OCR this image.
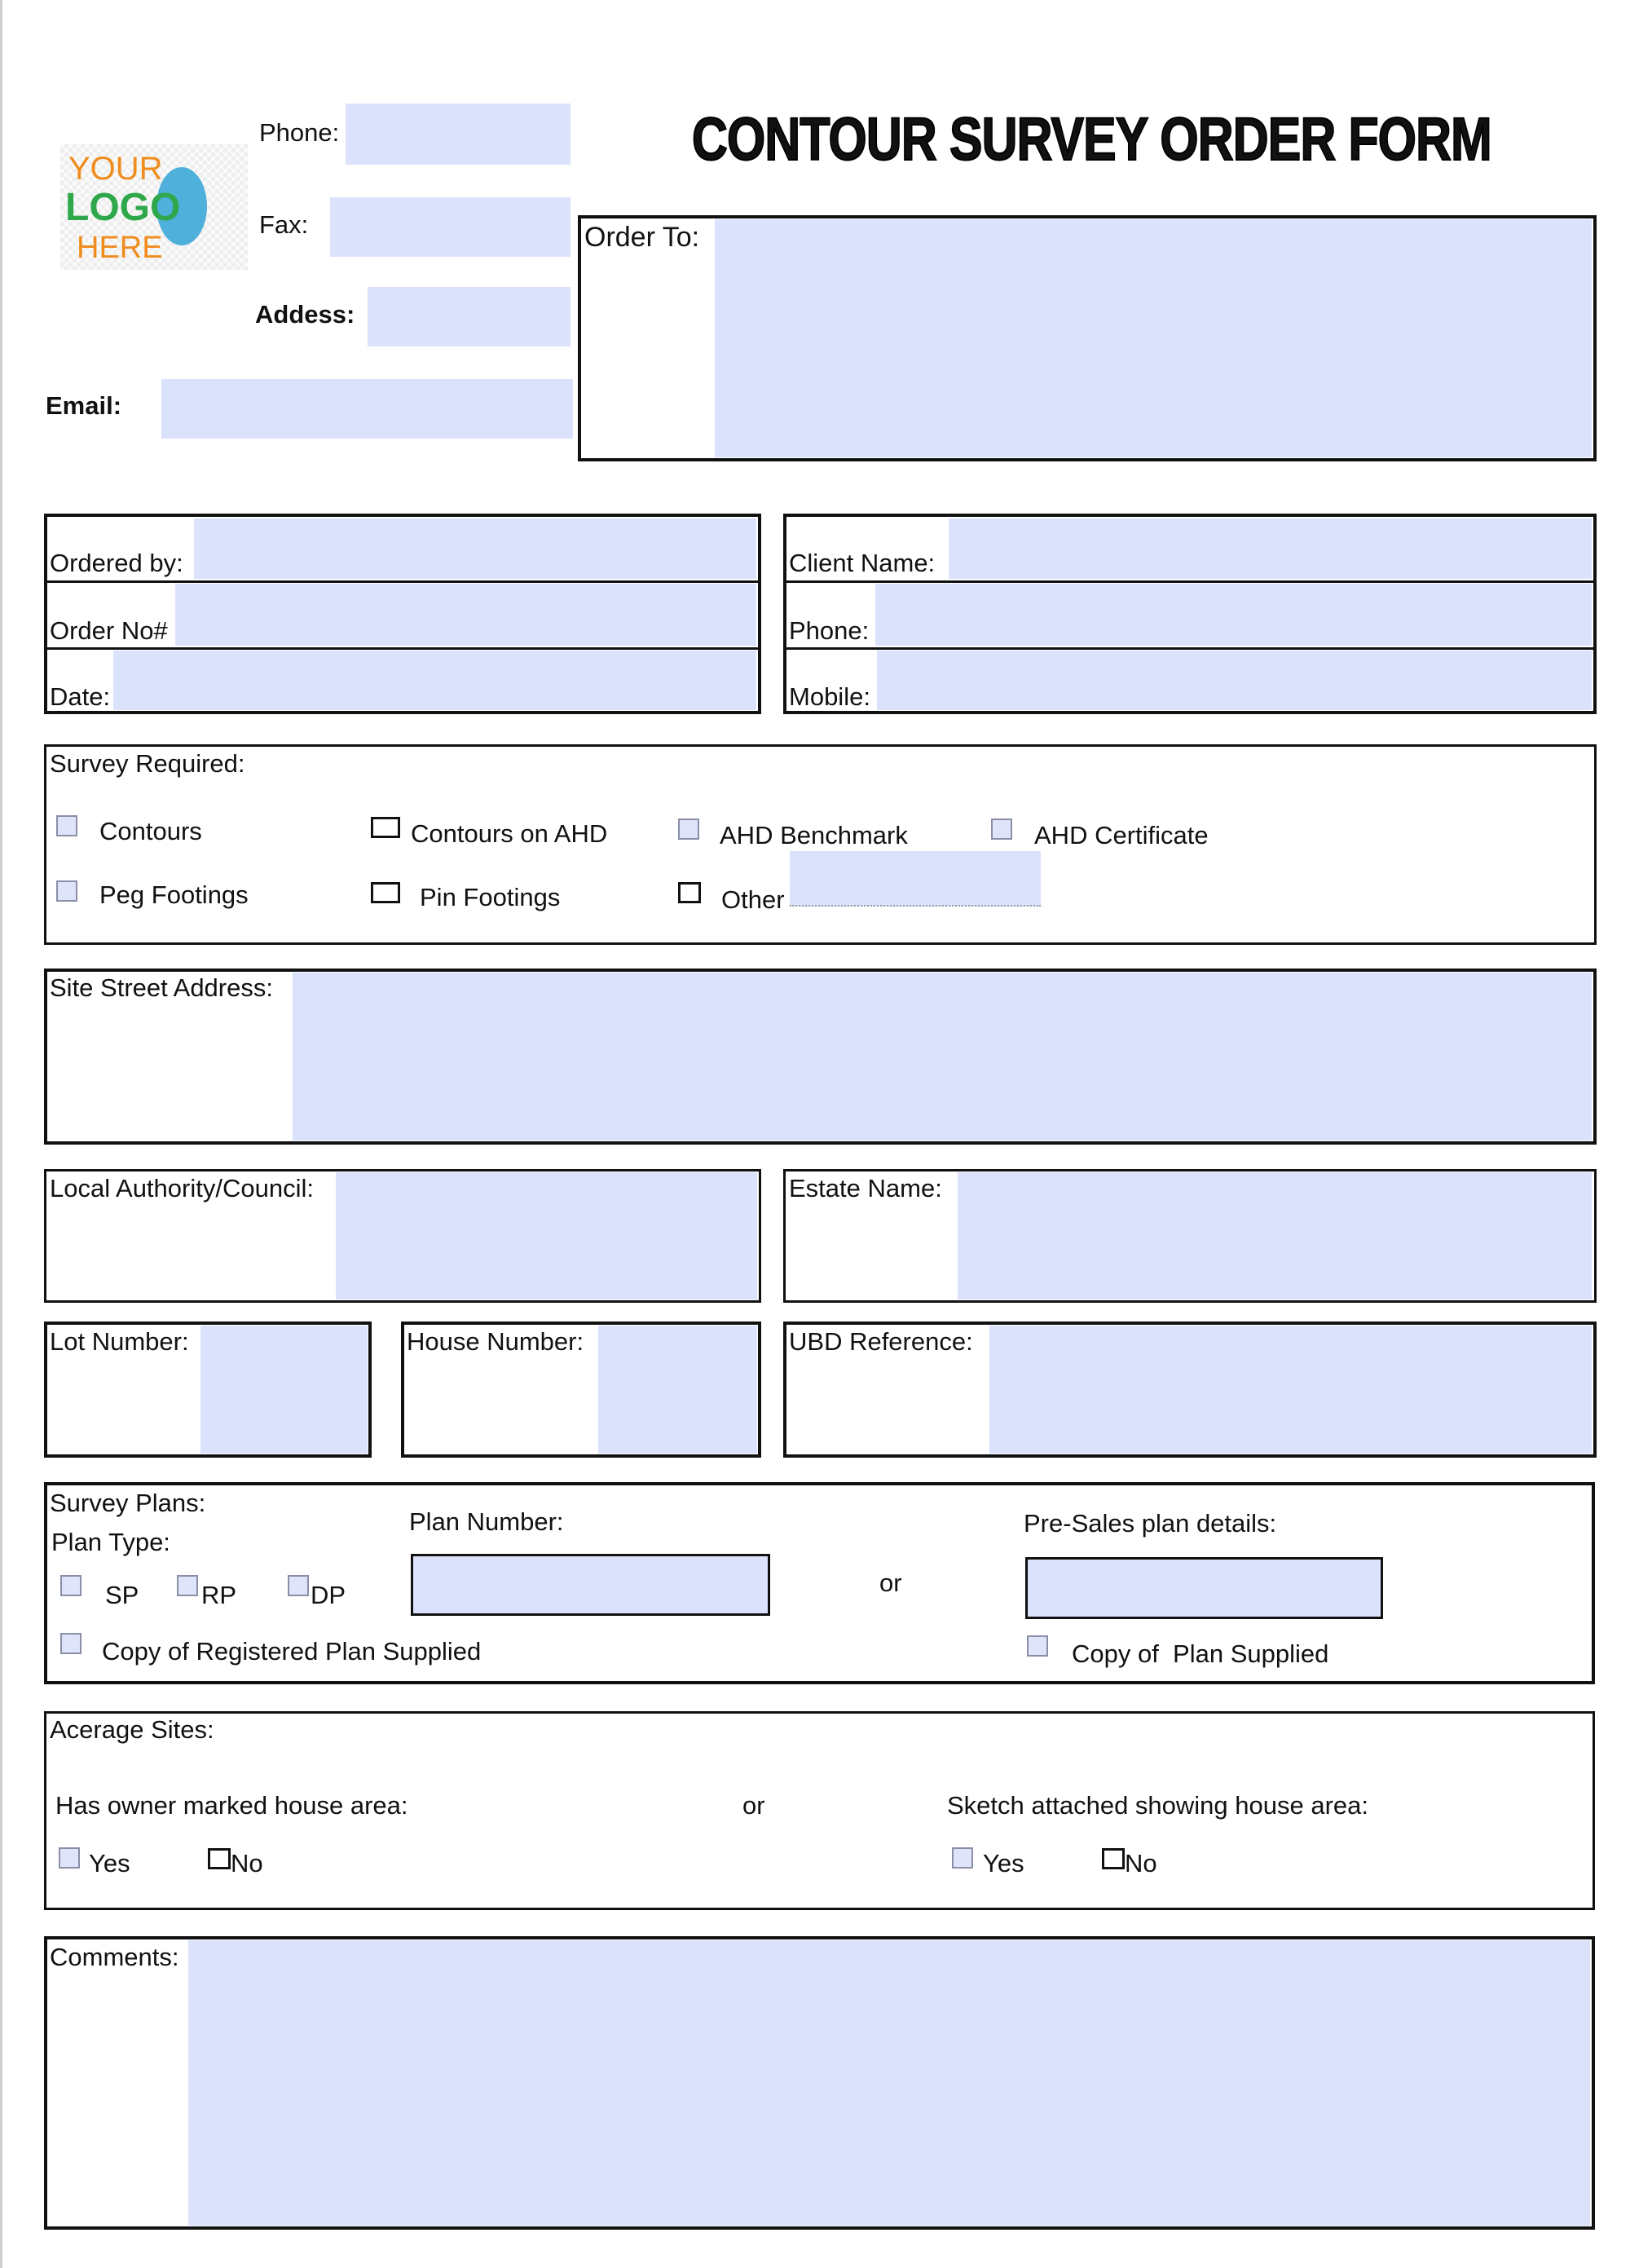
CONTOUR SURVEY ORDER FORM
YOUR
LOGO
HERE
Phone:
Fax:
Addess:
Email:
Order To:
Ordered by:
Order No#
Date:
Client Name:
Phone:
Mobile:
Survey Required:
Contours	Contours on AHD	AHD Benchmark	AHD Certificate
Peg Footings	Pin Footings	Other
Site Street Address:
Local Authority/Council:	Estate Name:
Lot Number:	House Number:	UBD Reference:
Survey Plans:
Plan Type:
SP RP	DP
Plan Number:
or
Pre-Sales plan details:
Copy of Registered Plan Supplied	Copy of  Plan Supplied
Acerage Sites:
Has owner marked house area:	or	Sketch attached showing house area:
Yes	No	Yes	No
Comments:
